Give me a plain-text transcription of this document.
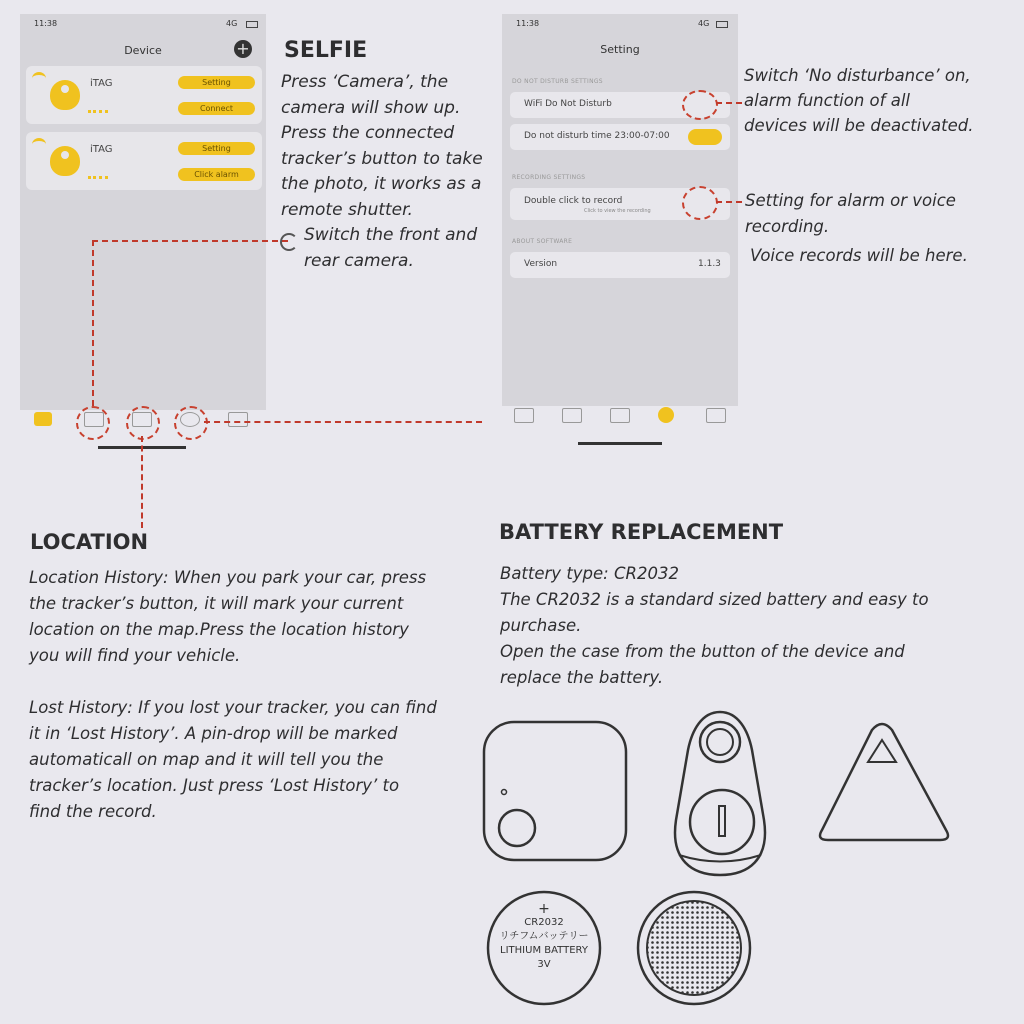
11:38	4G
Device	+
iTAG	Setting
Connect
iTAG	Setting
Click alarm
11:38	4G
Setting
DO NOT DISTURB SETTINGS
WiFi Do Not Disturb
Do not disturb time 23:00-07:00
RECORDING SETTINGS
Double click to record
Click to view the recording
ABOUT SOFTWARE
Version	1.1.3
SELFIE
Press ‘Camera’, the
camera will show up.
Press the connected
tracker’s button to take
the photo, it works as a
remote shutter.
Switch the front and
rear camera.
Switch ‘No disturbance’ on,
alarm function of all
devices will be deactivated.
Setting for alarm or voice
recording.
Voice records will be here.
LOCATION
Location History: When you park your car, press
the tracker’s button, it will mark your current
location on the map.Press the location history
you will find your vehicle.
Lost History: If you lost your tracker, you can find
it in ‘Lost History’. A pin-drop will be marked
automaticall on map and it will tell you the
tracker’s location. Just press ‘Lost History’ to
find the record.
BATTERY REPLACEMENT
Battery type: CR2032
The CR2032 is a standard sized battery and easy to
purchase.
Open the case from the button of the device and
replace the battery.
+
CR2032
リチフムバッテリー
LITHIUM BATTERY
3V
